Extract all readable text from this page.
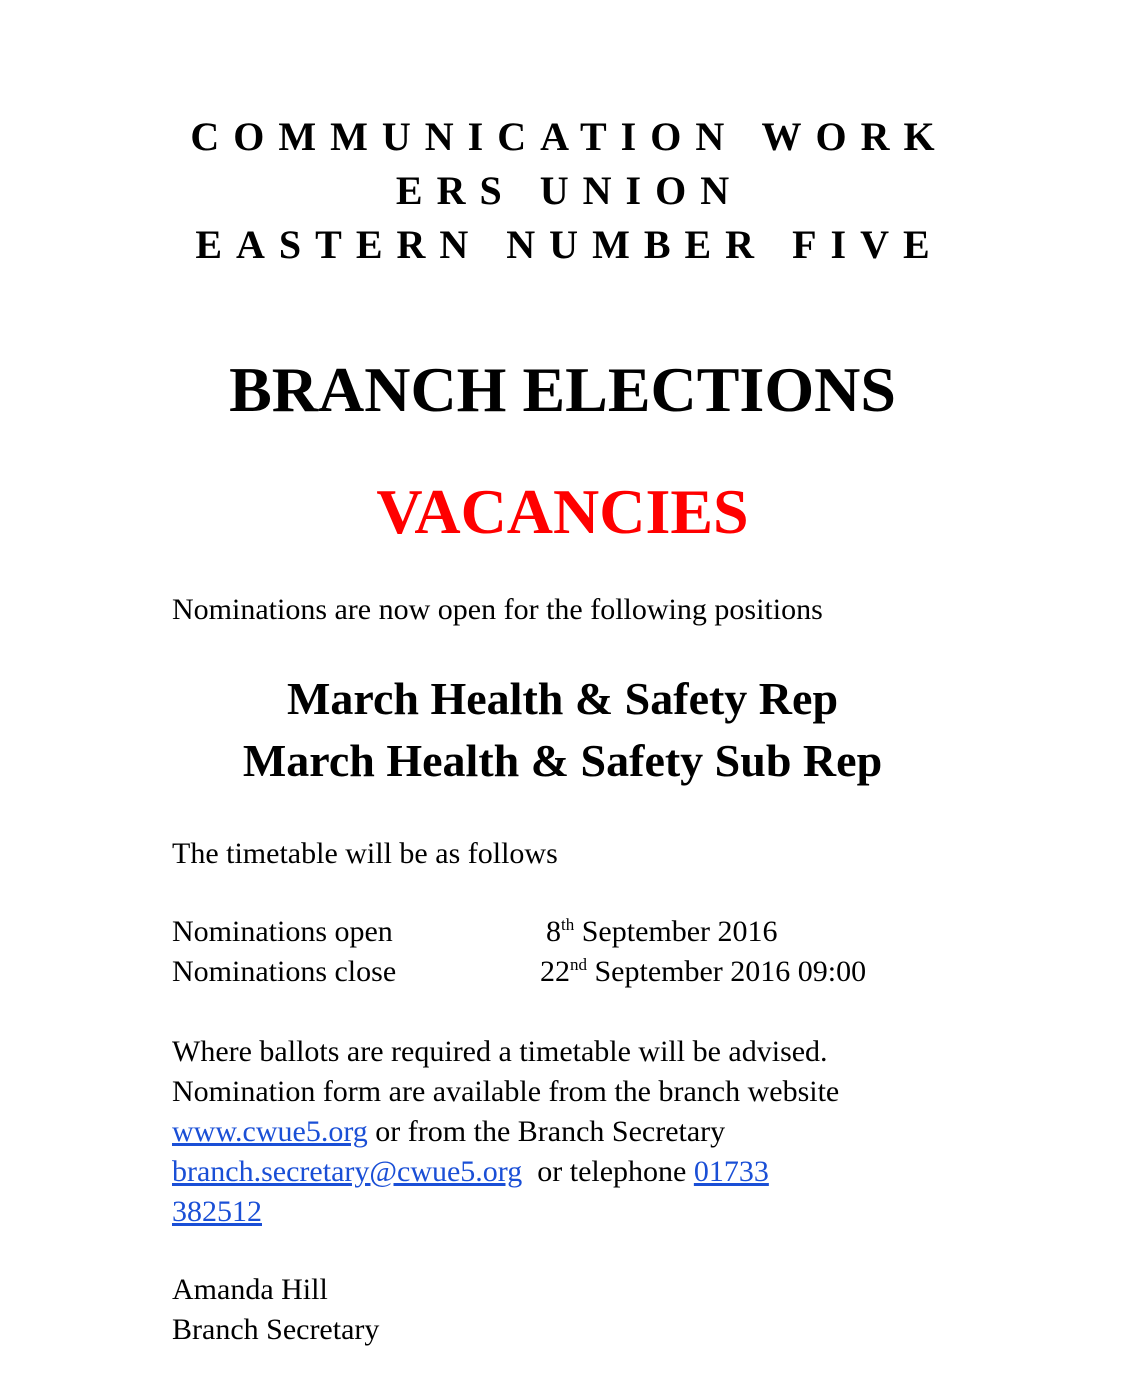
COMMUNICATION WORK
ERS UNION
EASTERN NUMBER FIVE
BRANCH ELECTIONS
VACANCIES
Nominations are now open for the following positions
March Health & Safety Rep
March Health & Safety Sub Rep
The timetable will be as follows
Nominations open	8th September 2016
Nominations close	22nd September 2016 09:00
Where ballots are required a timetable will be advised.
Nomination form are available from the branch website
www.cwue5.org or from the Branch Secretary
branch.secretary@cwue5.org  or telephone 01733
382512
Amanda Hill
Branch Secretary
